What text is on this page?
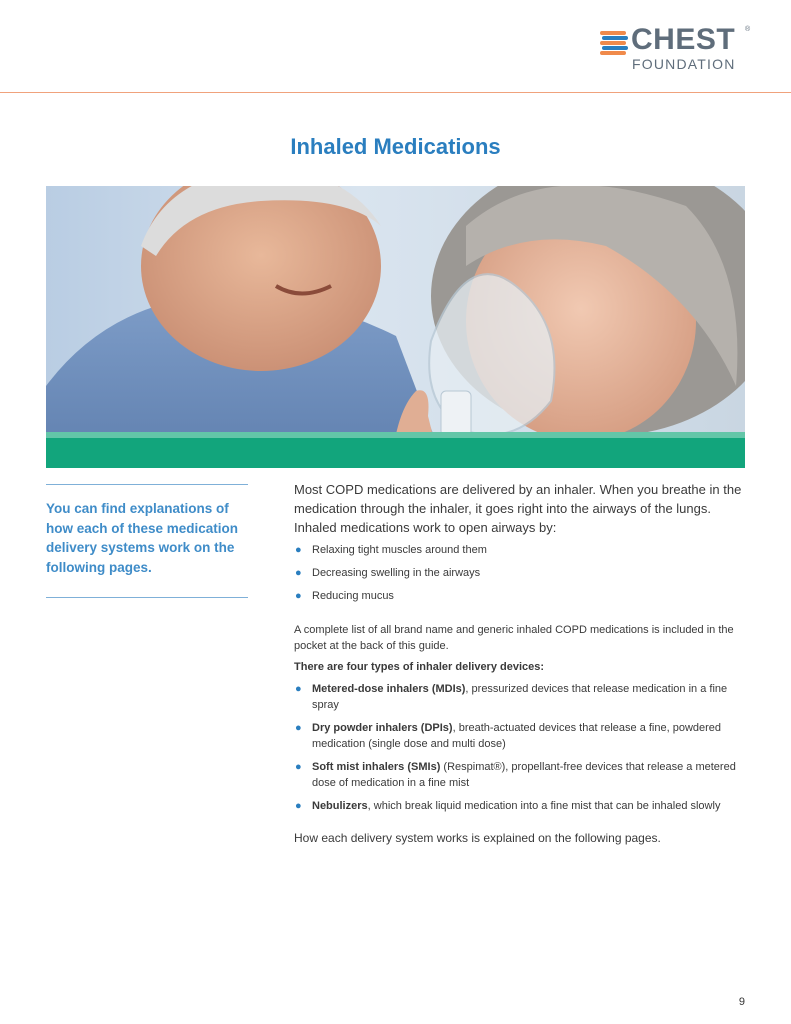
CHEST ®
FOUNDATION
Inhaled Medications

You can find explanations of how each of these medication delivery systems work on the following pages.

Most COPD medications are delivered by an inhaler. When you breathe in the medication through the inhaler, it goes right into the airways of the lungs. Inhaled medications work to open airways by:

● Relaxing tight muscles around them
● Decreasing swelling in the airways
● Reducing mucus

A complete list of all brand name and generic inhaled COPD medications is included in the pocket at the back of this guide.

There are four types of inhaler delivery devices:

● Metered-dose inhalers (MDIs), pressurized devices that release medication in a fine spray
● Dry powder inhalers (DPIs), breath-actuated devices that release a fine, powdered medication (single dose and multi dose)
● Soft mist inhalers (SMIs) (Respimat®), propellant-free devices that release a metered dose of medication in a fine mist
● Nebulizers, which break liquid medication into a fine mist that can be inhaled slowly

How each delivery system works is explained on the following pages.

9
